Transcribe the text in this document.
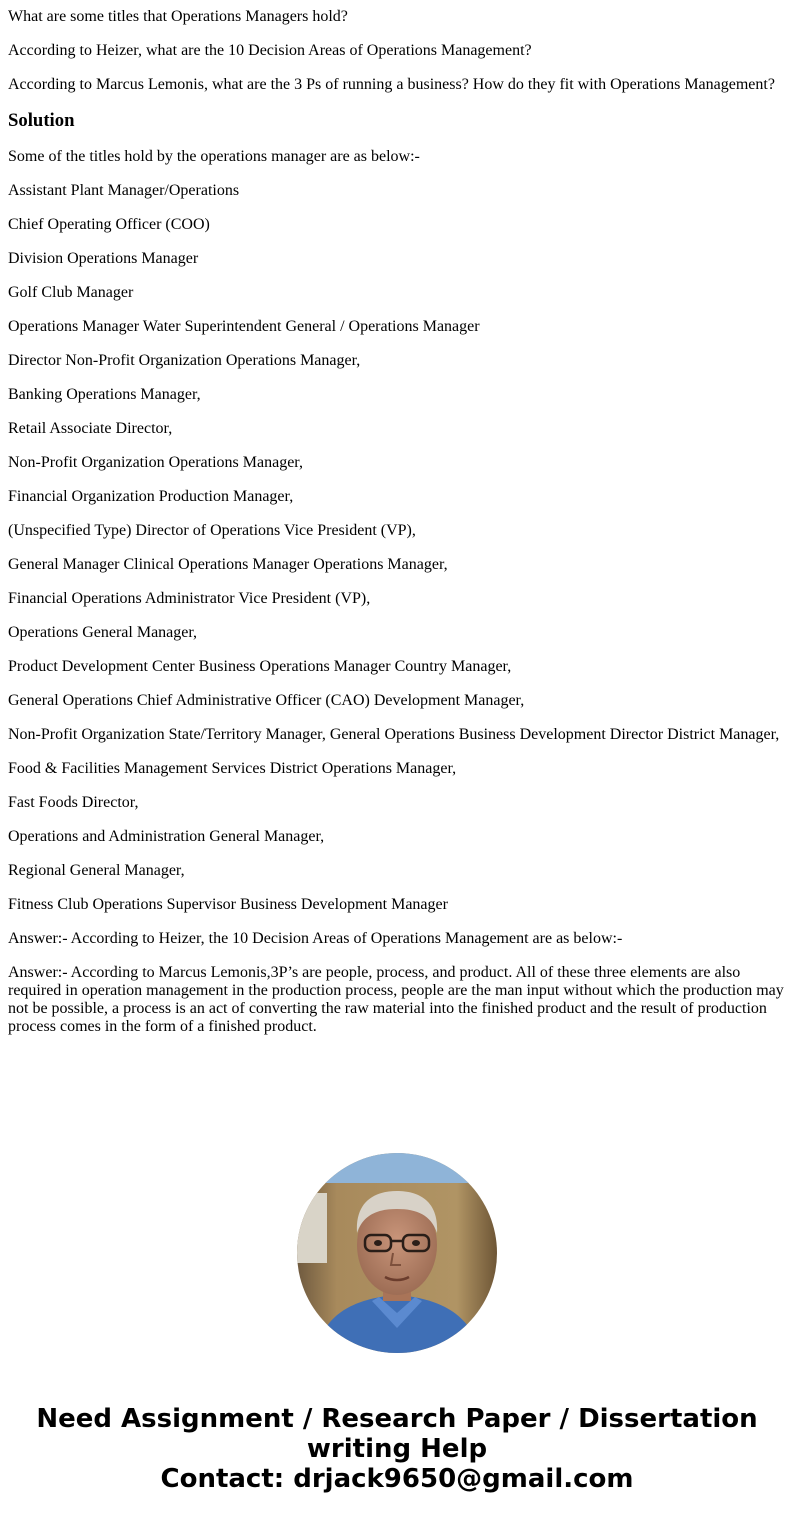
What are some titles that Operations Managers hold?

According to Heizer, what are the 10 Decision Areas of Operations Management?

According to Marcus Lemonis, what are the 3 Ps of running a business? How do they fit with Operations Management?

Solution

Some of the titles hold by the operations manager are as below:-

Assistant Plant Manager/Operations

Chief Operating Officer (COO)

Division Operations Manager

Golf Club Manager

Operations Manager Water Superintendent General / Operations Manager

Director Non-Profit Organization Operations Manager,

Banking Operations Manager,

Retail Associate Director,

Non-Profit Organization Operations Manager,

Financial Organization Production Manager,

(Unspecified Type) Director of Operations Vice President (VP),

General Manager Clinical Operations Manager Operations Manager,

Financial Operations Administrator Vice President (VP),

Operations General Manager,

Product Development Center Business Operations Manager Country Manager,

General Operations Chief Administrative Officer (CAO) Development Manager,

Non-Profit Organization State/Territory Manager, General Operations Business Development Director District Manager,

Food & Facilities Management Services District Operations Manager,

Fast Foods Director,

Operations and Administration General Manager,

Regional General Manager,

Fitness Club Operations Supervisor Business Development Manager

Answer:- According to Heizer, the 10 Decision Areas of Operations Management are as below:-

Answer:- According to Marcus Lemonis,3P’s are people, process, and product. All of these three elements are also required in operation management in the production process, people are the man input without which the production may not be possible, a process is an act of converting the raw material into the finished product and the result of production process comes in the form of a finished product.

Need Assignment / Research Paper / Dissertation
writing Help
Contact: drjack9650@gmail.com
